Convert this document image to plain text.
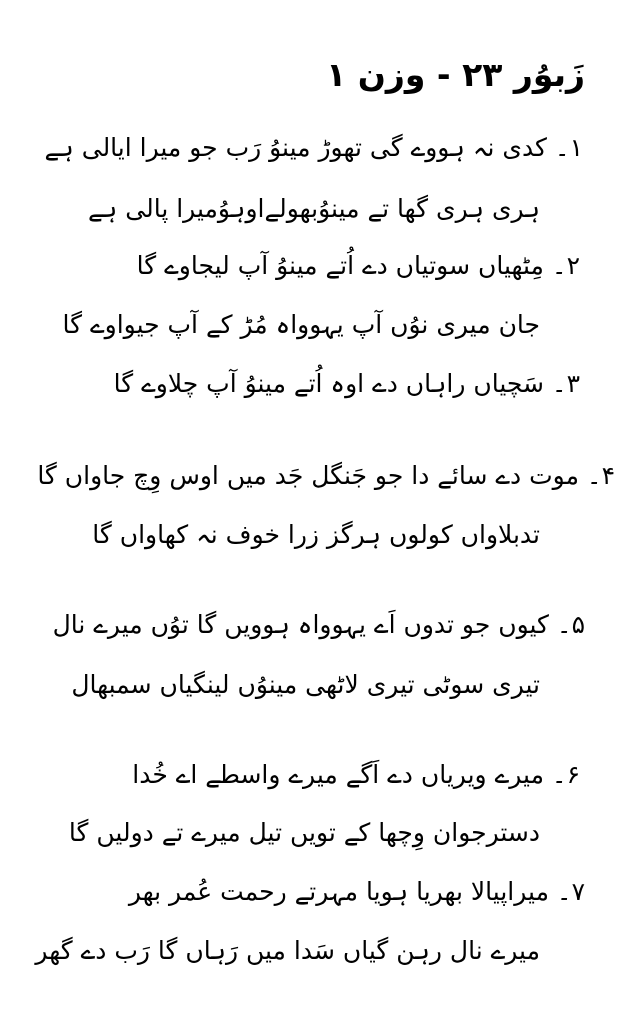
زَبوُر ۲۳ - وزن ۱
۱۔ کدی نہ ہووے گی تھوڑ مینوُ رَب جو میرا ایالی ہے
ہری ہری گھا تے مینوُبھولےاوہوُمیرا پالی ہے
۲۔ مِٹھیاں سوتیاں دے اُتے مینوُ آپ لیجاوے گا
جان میری نوُں آپ یہوواہ مُڑ کے آپ جیواوے گا
۳۔ سَچیاں راہاں دے اوہ اُتے مینوُ آپ چلاوے گا
۴۔ موت دے سائے دا جو جَنگل جَد میں اوس وِچ جاواں گا
تدبلاواں کولوں ہرگز زرا خوف نہ کھاواں گا
۵۔ کیوں جو تدوں اَے یہوواہ ہوویں گا توُں میرے نال
تیری سوٹی تیری لاٹھی مینوُں لینگیاں سمبھال
۶۔ میرے ویریاں دے اَگے میرے واسطے اے خُدا
دسترجوان وِچھا کے تویں تیل میرے تے دولیں گا
۷۔ میراپیالا بھریا ہویا مہرتے رحمت عُمر بھر
میرے نال رہن گیاں سَدا میں رَہاں گا رَب دے گھر
